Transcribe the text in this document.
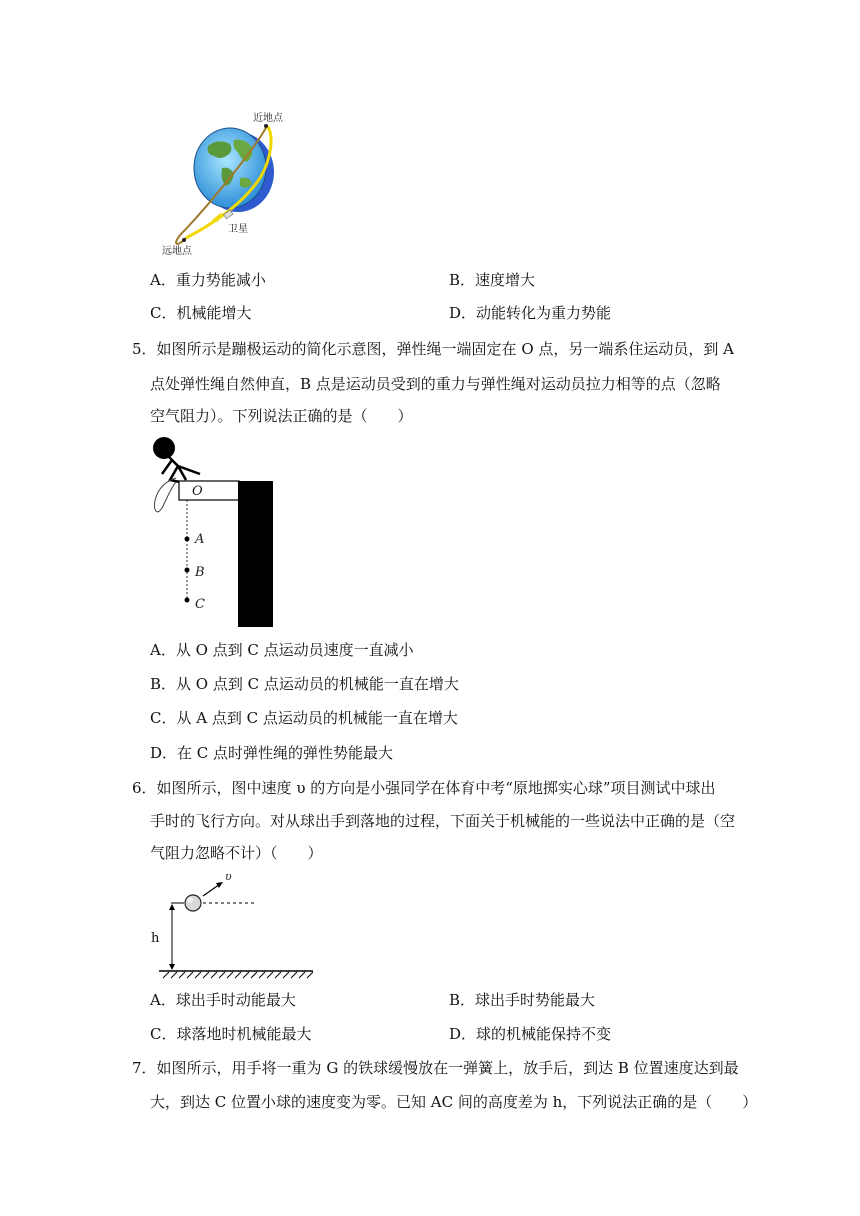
近地点
远地点
卫星
A．重力势能减小	B．速度增大
C．机械能增大	D．动能转化为重力势能
5．如图所示是蹦极运动的简化示意图，弹性绳一端固定在 O 点，另一端系住运动员，到 A
点处弹性绳自然伸直，B 点是运动员受到的重力与弹性绳对运动员拉力相等的点（忽略
空气阻力）。下列说法正确的是（　　）
O
A
B
C
A．从 O 点到 C 点运动员速度一直减小
B．从 O 点到 C 点运动员的机械能一直在增大
C．从 A 点到 C 点运动员的机械能一直在增大
D．在 C 点时弹性绳的弹性势能最大
6．如图所示，图中速度 υ 的方向是小强同学在体育中考“原地掷实心球”项目测试中球出
手时的飞行方向。对从球出手到落地的过程，下面关于机械能的一些说法中正确的是（空
气阻力忽略不计）（　　）
υ
h
A．球出手时动能最大	B．球出手时势能最大
C．球落地时机械能最大	D．球的机械能保持不变
7．如图所示，用手将一重为 G 的铁球缓慢放在一弹簧上，放手后，到达 B 位置速度达到最
大，到达 C 位置小球的速度变为零。已知 AC 间的高度差为 h，下列说法正确的是（　　）
